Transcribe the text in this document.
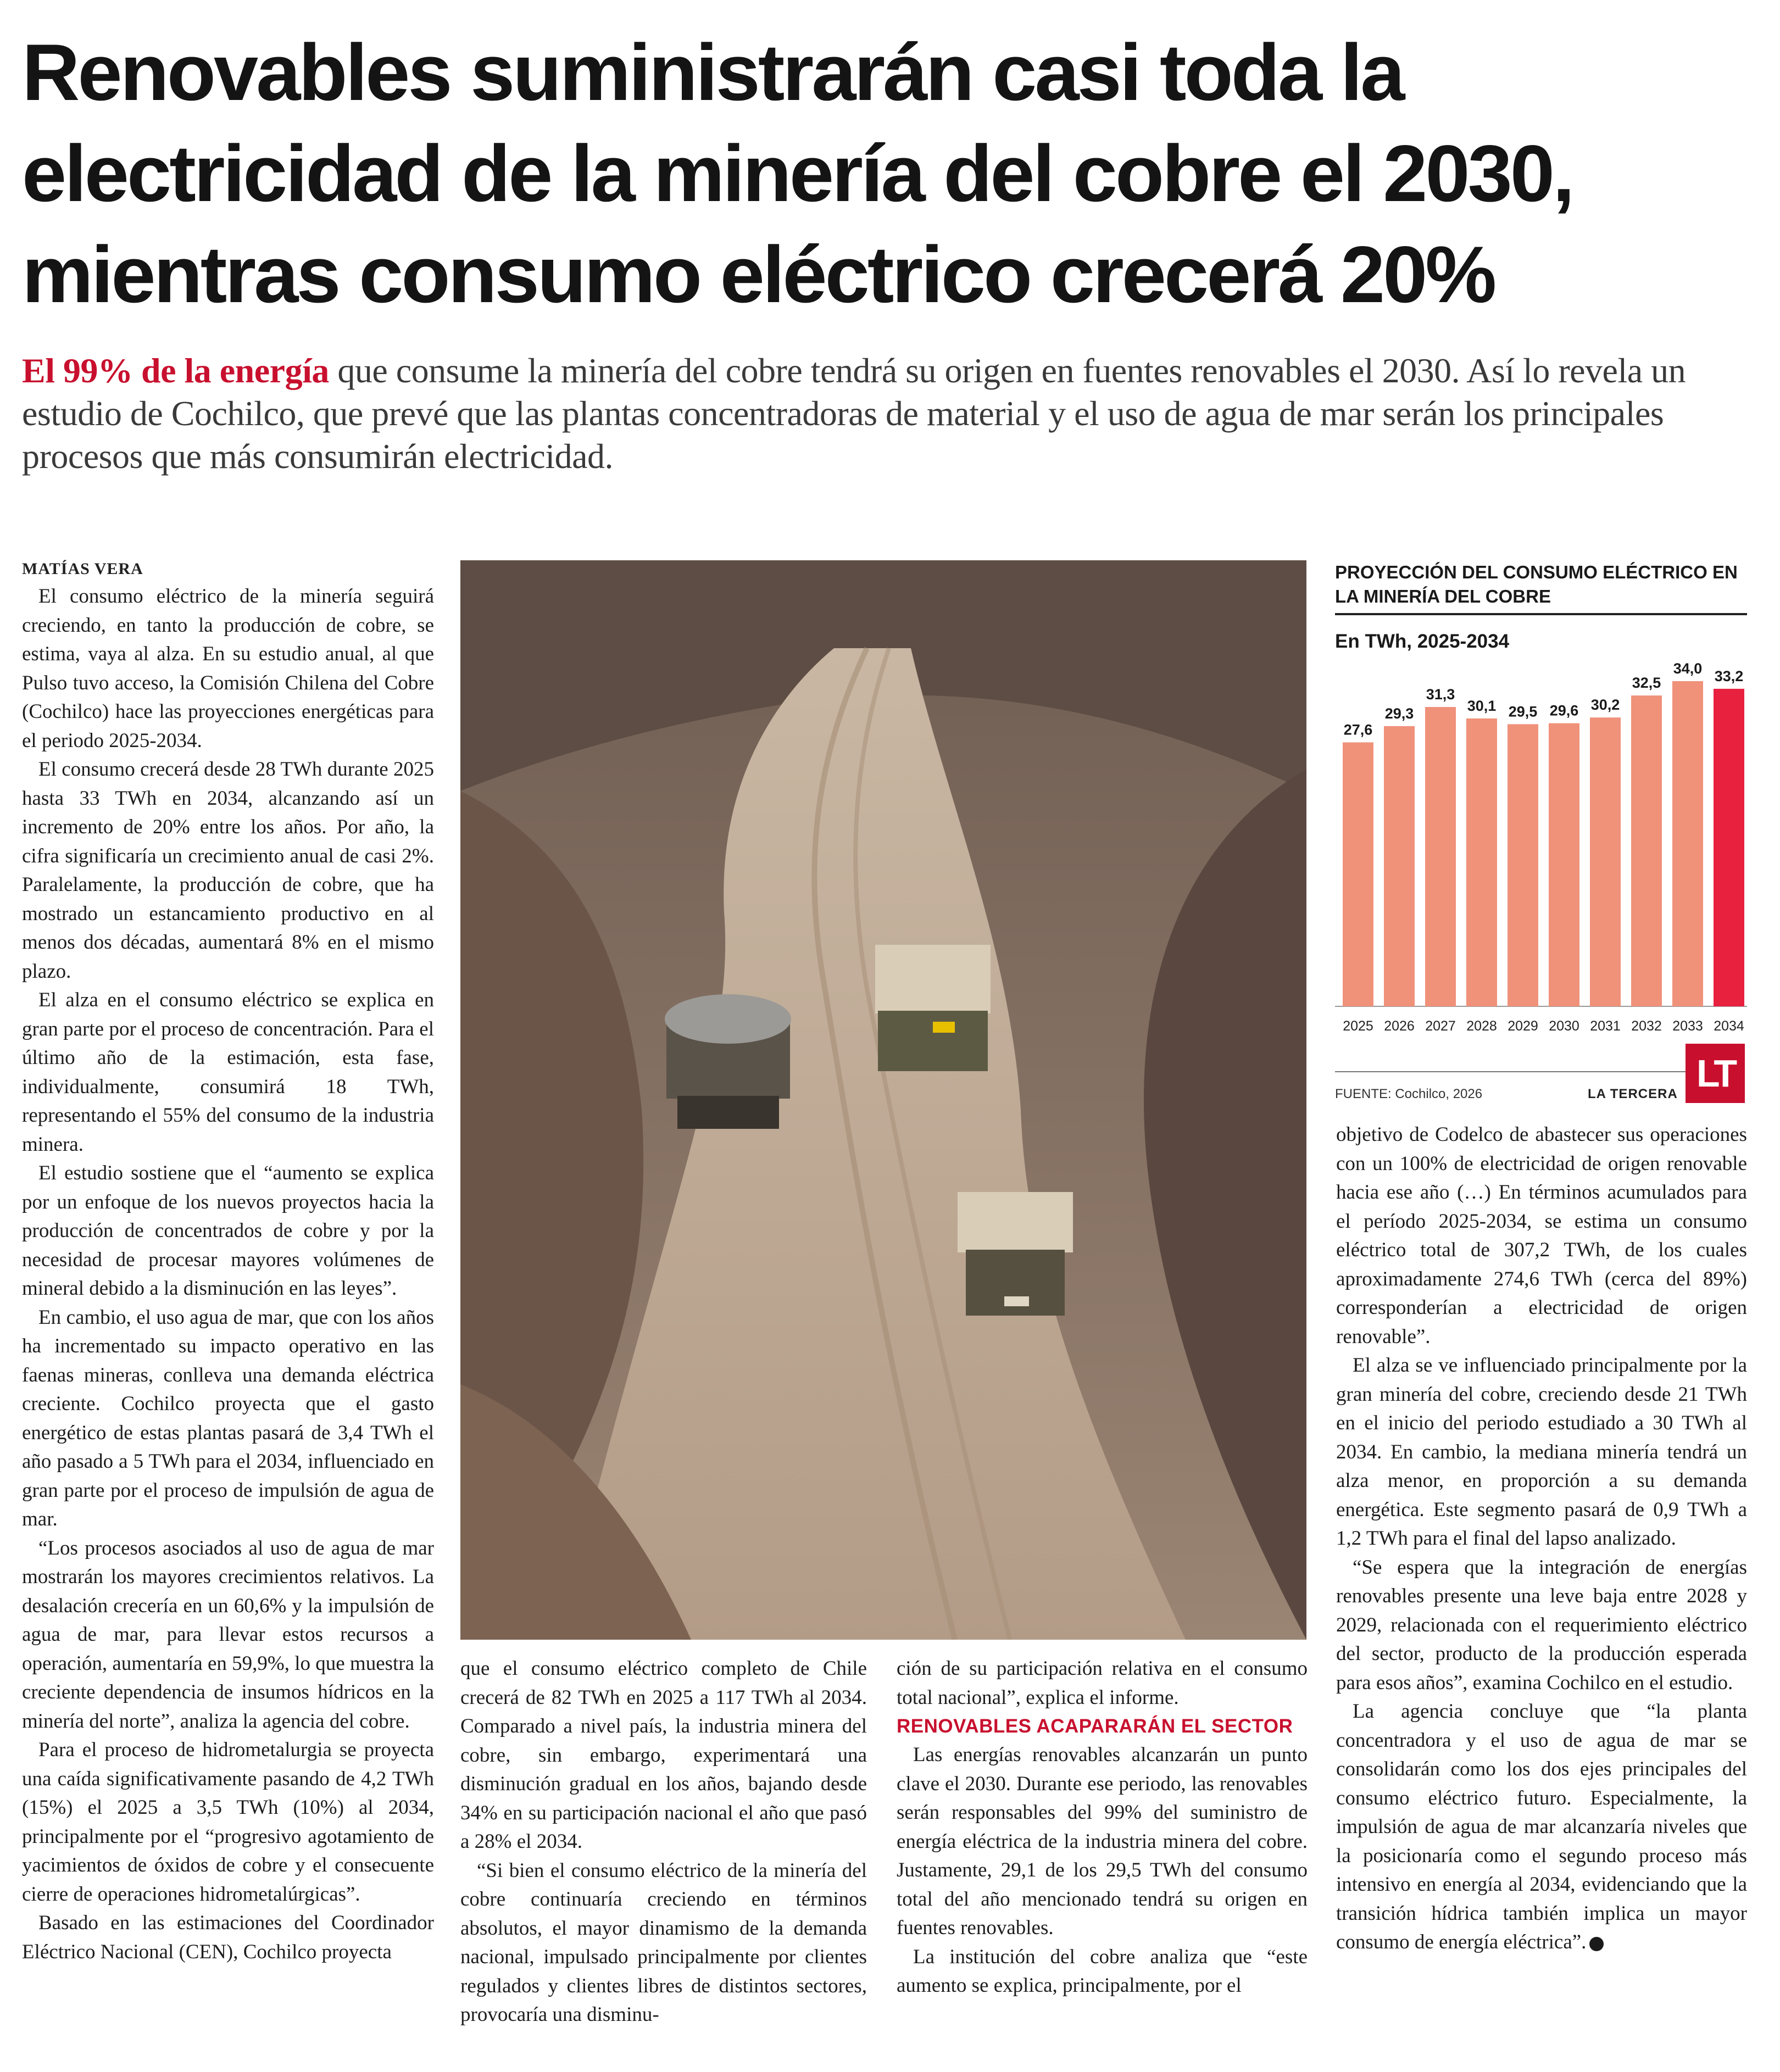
Renovables suministrarán casi toda la
electricidad de la minería del cobre el 2030,
mientras consumo eléctrico crecerá 20%

El 99% de la energía que consume la minería del cobre tendrá su origen en fuentes renovables el 2030. Así lo revela un estudio de Cochilco, que prevé que las plantas concentradoras de material y el uso de agua de mar serán los principales procesos que más consumirán electricidad.

MATÍAS VERA

El consumo eléctrico de la minería seguirá creciendo, en tanto la producción de cobre, se estima, vaya al alza. En su estudio anual, al que Pulso tuvo acceso, la Comisión Chilena del Cobre (Cochilco) hace las proyecciones energéticas para el periodo 2025-2034.

El consumo crecerá desde 28 TWh durante 2025 hasta 33 TWh en 2034, alcanzando así un incremento de 20% entre los años. Por año, la cifra significaría un crecimiento anual de casi 2%. Paralelamente, la producción de cobre, que ha mostrado un estancamiento productivo en al menos dos décadas, aumentará 8% en el mismo plazo.

El alza en el consumo eléctrico se explica en gran parte por el proceso de concentración. Para el último año de la estimación, esta fase, individualmente, consumirá 18 TWh, representando el 55% del consumo de la industria minera.

El estudio sostiene que el “aumento se explica por un enfoque de los nuevos proyectos hacia la producción de concentrados de cobre y por la necesidad de procesar mayores volúmenes de mineral debido a la disminución en las leyes”.

En cambio, el uso agua de mar, que con los años ha incrementado su impacto operativo en las faenas mineras, conlleva una demanda eléctrica creciente. Cochilco proyecta que el gasto energético de estas plantas pasará de 3,4 TWh el año pasado a 5 TWh para el 2034, influenciado en gran parte por el proceso de impulsión de agua de mar.

“Los procesos asociados al uso de agua de mar mostrarán los mayores crecimientos relativos. La desalación crecería en un 60,6% y la impulsión de agua de mar, para llevar estos recursos a operación, aumentaría en 59,9%, lo que muestra la creciente dependencia de insumos hídricos en la minería del norte”, analiza la agencia del cobre.

Para el proceso de hidrometalurgia se proyecta una caída significativamente pasando de 4,2 TWh (15%) el 2025 a 3,5 TWh (10%) al 2034, principalmente por el “progresivo agotamiento de yacimientos de óxidos de cobre y el consecuente cierre de operaciones hidrometalúrgicas”.

Basado en las estimaciones del Coordinador Eléctrico Nacional (CEN), Cochilco proyecta

que el consumo eléctrico completo de Chile crecerá de 82 TWh en 2025 a 117 TWh al 2034. Comparado a nivel país, la industria minera del cobre, sin embargo, experimentará una disminución gradual en los años, bajando desde 34% en su participación nacional el año que pasó a 28% el 2034.

“Si bien el consumo eléctrico de la minería del cobre continuaría creciendo en términos absolutos, el mayor dinamismo de la demanda nacional, impulsado principalmente por clientes regulados y clientes libres de distintos sectores, provocaría una disminu-

ción de su participación relativa en el consumo total nacional”, explica el informe.

RENOVABLES ACAPARARÁN EL SECTOR

Las energías renovables alcanzarán un punto clave el 2030. Durante ese periodo, las renovables serán responsables del 99% del suministro de energía eléctrica de la industria minera del cobre. Justamente, 29,1 de los 29,5 TWh del consumo total del año mencionado tendrá su origen en fuentes renovables.

La institución del cobre analiza que “este aumento se explica, principalmente, por el

PROYECCIÓN DEL CONSUMO ELÉCTRICO EN LA MINERÍA DEL COBRE

En TWh, 2025-2034
27,6
2025
29,3
2026
31,3
2027
30,1
2028
29,5
2029
29,6
2030
30,2
2031
32,5
2032
34,0
2033
33,2
2034
FUENTE: Cochilco, 2026	LA TERCERA LT

objetivo de Codelco de abastecer sus operaciones con un 100% de electricidad de origen renovable hacia ese año (…) En términos acumulados para el período 2025-2034, se estima un consumo eléctrico total de 307,2 TWh, de los cuales aproximadamente 274,6 TWh (cerca del 89%) corresponderían a electricidad de origen renovable”.

El alza se ve influenciado principalmente por la gran minería del cobre, creciendo desde 21 TWh en el inicio del periodo estudiado a 30 TWh al 2034. En cambio, la mediana minería tendrá un alza menor, en proporción a su demanda energética. Este segmento pasará de 0,9 TWh a 1,2 TWh para el final del lapso analizado.

“Se espera que la integración de energías renovables presente una leve baja entre 2028 y 2029, relacionada con el requerimiento eléctrico del sector, producto de la producción esperada para esos años”, examina Cochilco en el estudio.

La agencia concluye que “la planta concentradora y el uso de agua de mar se consolidarán como los dos ejes principales del consumo eléctrico futuro. Especialmente, la impulsión de agua de mar alcanzaría niveles que la posicionaría como el segundo proceso más intensivo en energía al 2034, evidenciando que la transición hídrica también implica un mayor consumo de energía eléctrica”.
